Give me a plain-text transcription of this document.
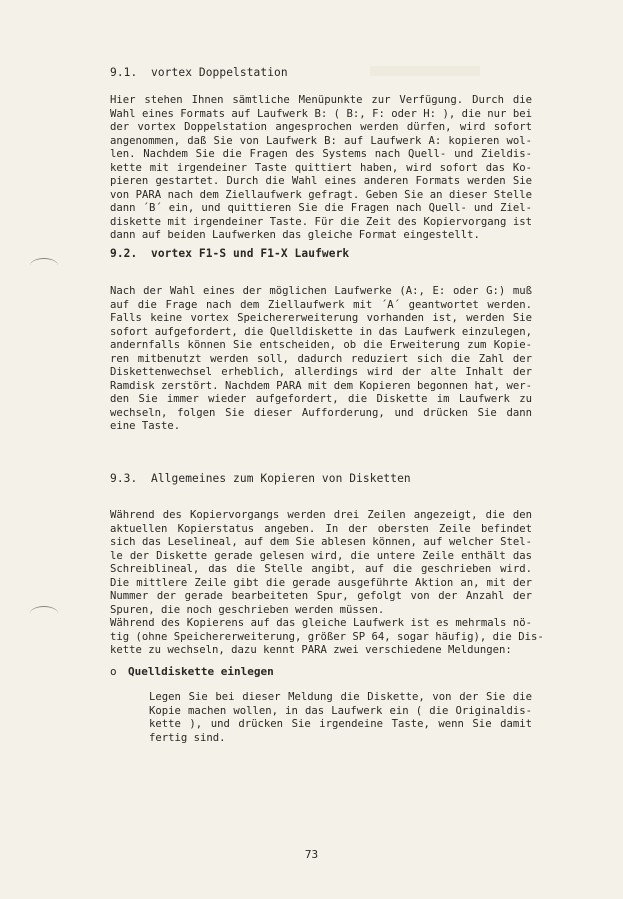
9.1.  vortex Doppelstation
Hier stehen Ihnen sämtliche Menüpunkte zur Verfügung. Durch die
Wahl eines Formats auf Laufwerk B: ( B:, F: oder H: ), die nur bei
der vortex Doppelstation angesprochen werden dürfen, wird sofort
angenommen, daß Sie von Laufwerk B: auf Laufwerk A: kopieren wol-
len. Nachdem Sie die Fragen des Systems nach Quell- und Zieldis-
kette mit irgendeiner Taste quittiert haben, wird sofort das Ko-
pieren gestartet. Durch die Wahl eines anderen Formats werden Sie
von PARA nach dem Ziellaufwerk gefragt. Geben Sie an dieser Stelle
dann ´B´ ein, und quittieren Sie die Fragen nach Quell- und Ziel-
diskette mit irgendeiner Taste. Für die Zeit des Kopiervorgang ist
dann auf beiden Laufwerken das gleiche Format eingestellt.
9.2.  vortex F1-S und F1-X Laufwerk
Nach der Wahl eines der möglichen Laufwerke (A:, E: oder G:) muß
auf die Frage nach dem Ziellaufwerk mit ´A´ geantwortet werden.
Falls keine vortex Speichererweiterung vorhanden ist, werden Sie
sofort aufgefordert, die Quelldiskette in das Laufwerk einzulegen,
andernfalls können Sie entscheiden, ob die Erweiterung zum Kopie-
ren mitbenutzt werden soll, dadurch reduziert sich die Zahl der
Diskettenwechsel erheblich, allerdings wird der alte Inhalt der
Ramdisk zerstört. Nachdem PARA mit dem Kopieren begonnen hat, wer-
den Sie immer wieder aufgefordert, die Diskette im Laufwerk zu
wechseln, folgen Sie dieser Aufforderung, und drücken Sie dann
eine Taste.
9.3.  Allgemeines zum Kopieren von Disketten
Während des Kopiervorgangs werden drei Zeilen angezeigt, die den
aktuellen Kopierstatus angeben. In der obersten Zeile befindet
sich das Leselineal, auf dem Sie ablesen können, auf welcher Stel-
le der Diskette gerade gelesen wird, die untere Zeile enthält das
Schreiblineal, das die Stelle angibt, auf die geschrieben wird.
Die mittlere Zeile gibt die gerade ausgeführte Aktion an, mit der
Nummer der gerade bearbeiteten Spur, gefolgt von der Anzahl der
Spuren, die noch geschrieben werden müssen.
Während des Kopierens auf das gleiche Laufwerk ist es mehrmals nö-
tig (ohne Speichererweiterung, größer SP 64, sogar häufig), die Dis-
kette zu wechseln, dazu kennt PARA zwei verschiedene Meldungen:
o Quelldiskette einlegen
Legen Sie bei dieser Meldung die Diskette, von der Sie die
Kopie machen wollen, in das Laufwerk ein ( die Originaldis-
kette ), und drücken Sie irgendeine Taste, wenn Sie damit
fertig sind.
73
